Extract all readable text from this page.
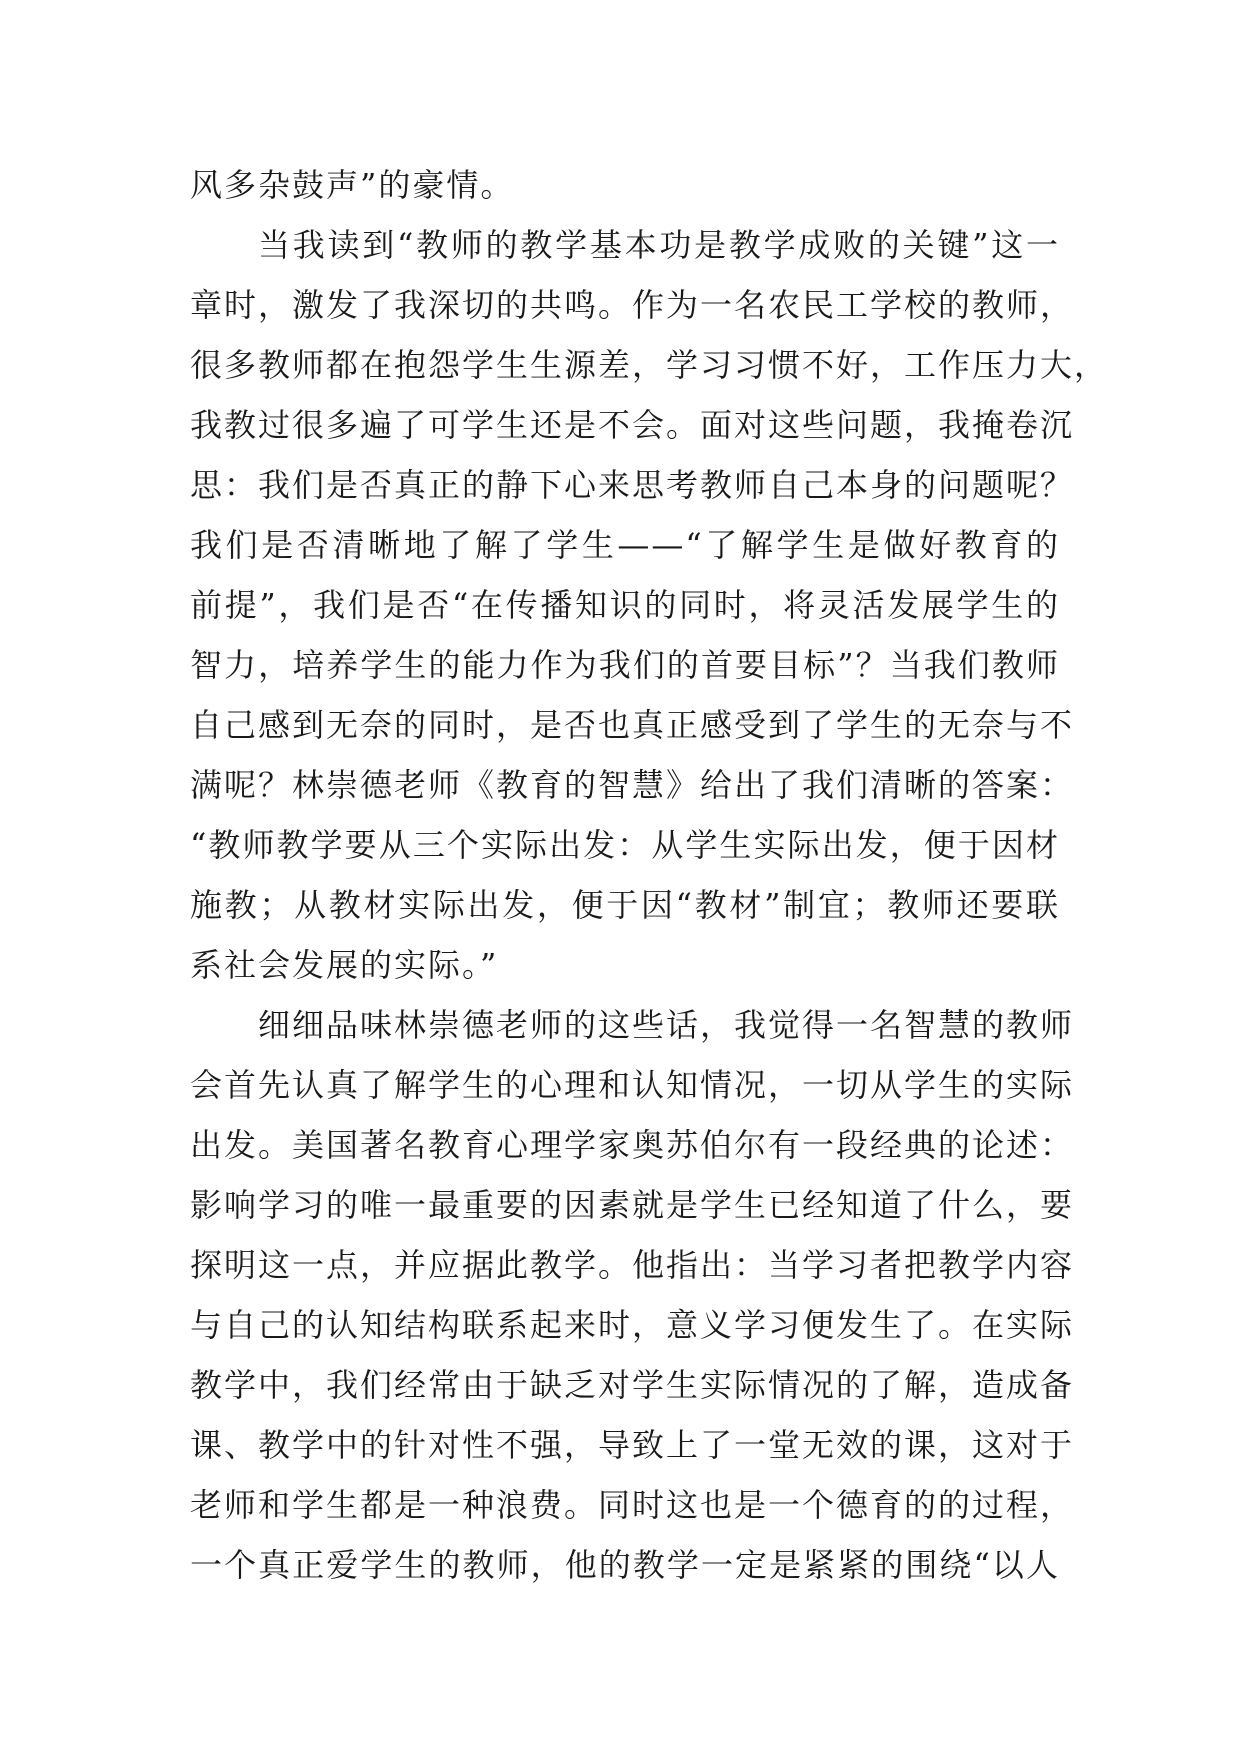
风多杂鼓声”的豪情。
当我读到“教师的教学基本功是教学成败的关键”这一
章时，激发了我深切的共鸣。作为一名农民工学校的教师，
很多教师都在抱怨学生生源差，学习习惯不好，工作压力大，
我教过很多遍了可学生还是不会。面对这些问题，我掩卷沉
思：我们是否真正的静下心来思考教师自己本身的问题呢？
我们是否清晰地了解了学生——“了解学生是做好教育的
前提”，我们是否“在传播知识的同时，将灵活发展学生的
智力，培养学生的能力作为我们的首要目标”？当我们教师
自己感到无奈的同时，是否也真正感受到了学生的无奈与不
满呢？林崇德老师《教育的智慧》给出了我们清晰的答案：
“教师教学要从三个实际出发：从学生实际出发，便于因材
施教；从教材实际出发，便于因“教材”制宜；教师还要联
系社会发展的实际。”
细细品味林崇德老师的这些话，我觉得一名智慧的教师
会首先认真了解学生的心理和认知情况，一切从学生的实际
出发。美国著名教育心理学家奥苏伯尔有一段经典的论述：
影响学习的唯一最重要的因素就是学生已经知道了什么，要
探明这一点，并应据此教学。他指出：当学习者把教学内容
与自己的认知结构联系起来时，意义学习便发生了。在实际
教学中，我们经常由于缺乏对学生实际情况的了解，造成备
课、教学中的针对性不强，导致上了一堂无效的课，这对于
老师和学生都是一种浪费。同时这也是一个德育的的过程，
一个真正爱学生的教师，他的教学一定是紧紧的围绕“以人
